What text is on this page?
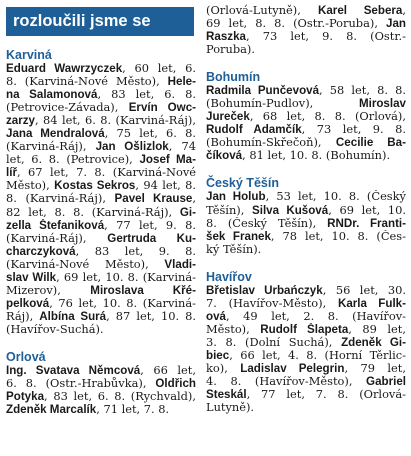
rozloučili jsme se
Karviná
Eduard Wawrzyczek, 60 let, 6.
8. (Karviná-Nové Město), Hele-
na Salamonová, 83 let, 6. 8.
(Petrovice-Závada), Ervín Owc-
zarzy, 84 let, 6. 8. (Karviná-Ráj),
Jana Mendralová, 75 let, 6. 8.
(Karviná-Ráj), Jan Ošlizlok, 74
let, 6. 8. (Petrovice), Josef Ma-
líř, 67 let, 7. 8. (Karviná-Nové
Město), Kostas Sekros, 94 let, 8.
8. (Karviná-Ráj), Pavel Krause,
82 let, 8. 8. (Karviná-Ráj), Gi-
zella Štefaniková, 77 let, 9. 8.
(Karviná-Ráj), Gertruda Ku-
charczyková, 83 let, 9. 8.
(Karviná-Nové Město), Vladi-
slav Wilk, 69 let, 10. 8. (Karviná-
Mizerov), Miroslava Křé-
pelková, 76 let, 10. 8. (Karviná-
Ráj), Albína Surá, 87 let, 10. 8.
(Havířov-Suchá).
Orlová
Ing. Svatava Němcová, 66 let,
6. 8. (Ostr.-Hrabůvka), Oldřich
Potyka, 83 let, 6. 8. (Rychvald),
Zdeněk Marcalík, 71 let, 7. 8.
(Orlová-Lutyně), Karel Sebera,
69 let, 8. 8. (Ostr.-Poruba), Jan
Raszka, 73 let, 9. 8. (Ostr.-
Poruba).
Bohumín
Radmila Punčevová, 58 let, 8. 8.
(Bohumín-Pudlov), Miroslav
Jureček, 68 let, 8. 8. (Orlová),
Rudolf Adamčík, 73 let, 9. 8.
(Bohumín-Skřečoň), Cecilie Ba-
číková, 81 let, 10. 8. (Bohumín).
Český Těšín
Jan Holub, 53 let, 10. 8. (Český
Těšín), Silva Kušová, 69 let, 10.
8. (Český Těšín), RNDr. Franti-
šek Franek, 78 let, 10. 8. (Čes-
ký Těšín).
Havířov
Břetislav Urbańczyk, 56 let, 30.
7. (Havířov-Město), Karla Fulk-
ová, 49 let, 2. 8. (Havířov-
Město), Rudolf Šlapeta, 89 let,
3. 8. (Dolní Suchá), Zdeněk Gi-
biec, 66 let, 4. 8. (Horní Těrlic-
ko), Ladislav Pelegrin, 79 let,
4. 8. (Havířov-Město), Gabriel
Steskál, 77 let, 7. 8. (Orlová-
Lutyně).
